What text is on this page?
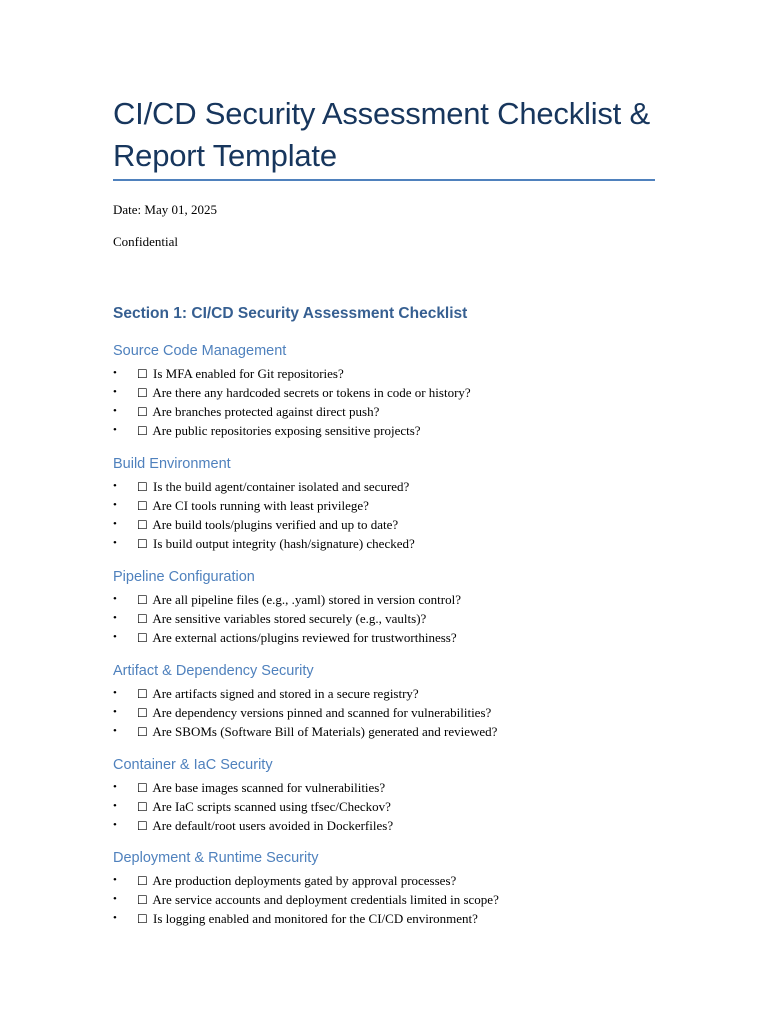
CI/CD Security Assessment Checklist &
Report Template

Date: May 01, 2025

Confidential

Section 1: CI/CD Security Assessment Checklist
Source Code Management
• ☐ Is MFA enabled for Git repositories?
• ☐ Are there any hardcoded secrets or tokens in code or history?
• ☐ Are branches protected against direct push?
• ☐ Are public repositories exposing sensitive projects?
Build Environment
• ☐ Is the build agent/container isolated and secured?
• ☐ Are CI tools running with least privilege?
• ☐ Are build tools/plugins verified and up to date?
• ☐ Is build output integrity (hash/signature) checked?
Pipeline Configuration
• ☐ Are all pipeline files (e.g., .yaml) stored in version control?
• ☐ Are sensitive variables stored securely (e.g., vaults)?
• ☐ Are external actions/plugins reviewed for trustworthiness?
Artifact & Dependency Security
• ☐ Are artifacts signed and stored in a secure registry?
• ☐ Are dependency versions pinned and scanned for vulnerabilities?
• ☐ Are SBOMs (Software Bill of Materials) generated and reviewed?
Container & IaC Security
• ☐ Are base images scanned for vulnerabilities?
• ☐ Are IaC scripts scanned using tfsec/Checkov?
• ☐ Are default/root users avoided in Dockerfiles?
Deployment & Runtime Security
• ☐ Are production deployments gated by approval processes?
• ☐ Are service accounts and deployment credentials limited in scope?
• ☐ Is logging enabled and monitored for the CI/CD environment?
